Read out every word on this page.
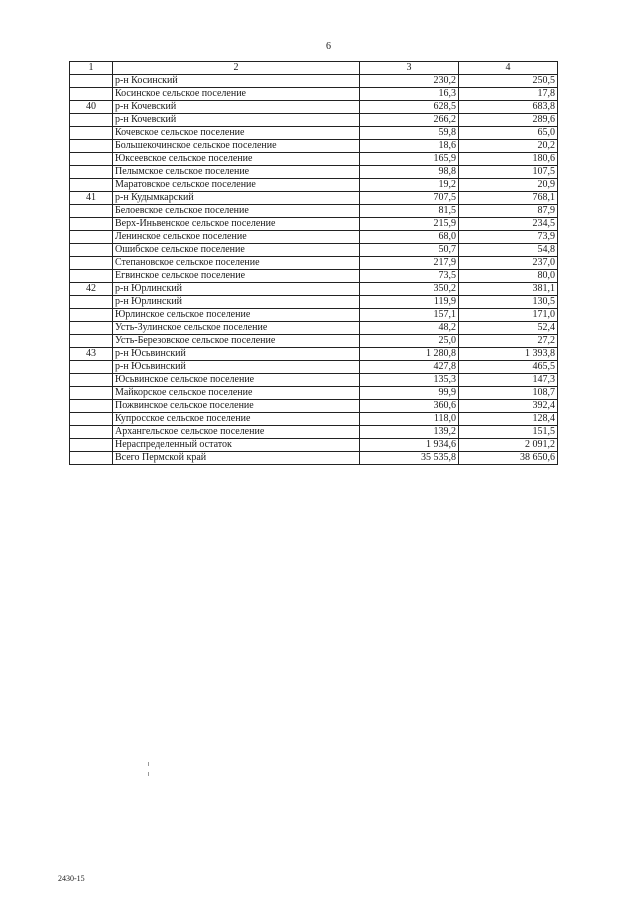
6
1	2	3	4
	р-н Косинский	230,2	250,5
	Косинское сельское поселение	16,3	17,8
40	р-н Кочевский	628,5	683,8
	р-н Кочевский	266,2	289,6
	Кочевское сельское поселение	59,8	65,0
	Большекочинское сельское поселение	18,6	20,2
	Юксеевское сельское поселение	165,9	180,6
	Пелымское сельское поселение	98,8	107,5
	Маратовское сельское поселение	19,2	20,9
41	р-н Кудымкарский	707,5	768,1
	Белоевское сельское поселение	81,5	87,9
	Верх-Иньвенское сельское поселение	215,9	234,5
	Ленинское сельское поселение	68,0	73,9
	Ошибское сельское поселение	50,7	54,8
	Степановское сельское поселение	217,9	237,0
	Егвинское сельское поселение	73,5	80,0
42	р-н Юрлинский	350,2	381,1
	р-н Юрлинский	119,9	130,5
	Юрлинское сельское поселение	157,1	171,0
	Усть-Зулинское сельское поселение	48,2	52,4
	Усть-Березовское сельское поселение	25,0	27,2
43	р-н Юсьвинский	1 280,8	1 393,8
	р-н Юсьвинский	427,8	465,5
	Юсьвинское сельское поселение	135,3	147,3
	Майкорское сельское поселение	99,9	108,7
	Пожвинское сельское поселение	360,6	392,4
	Купросское сельское поселение	118,0	128,4
	Архангельское сельское поселение	139,2	151,5
	Нераспределенный остаток	1 934,6	2 091,2
	Всего Пермской край	35 535,8	38 650,6
2430-15
